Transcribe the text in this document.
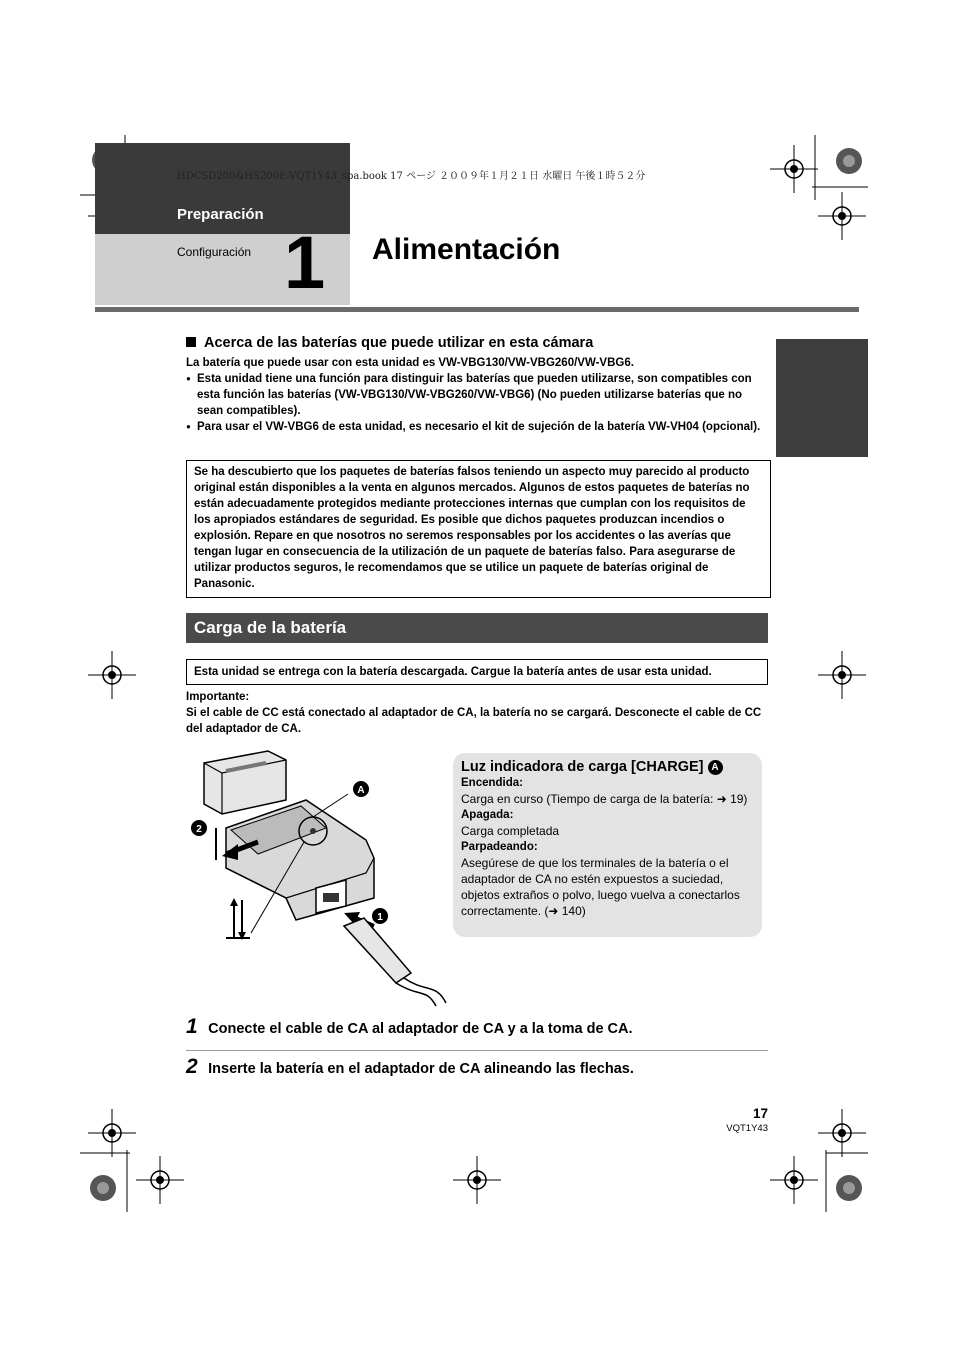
HDCSD200&HS200E-VQT1Y43_spa.book 17 ページ ２００９年１月２１日 水曜日 午後１時５２分
Preparación
Configuración 1 Alimentación
Acerca de las baterías que puede utilizar en esta cámara
La batería que puede usar con esta unidad es VW-VBG130/VW-VBG260/VW-VBG6.
● Esta unidad tiene una función para distinguir las baterías que pueden utilizarse, son compatibles con esta función las baterías (VW-VBG130/VW-VBG260/VW-VBG6) (No pueden utilizarse baterías que no sean compatibles).
● Para usar el VW-VBG6 de esta unidad, es necesario el kit de sujeción de la batería VW-VH04 (opcional).
Se ha descubierto que los paquetes de baterías falsos teniendo un aspecto muy parecido al producto original están disponibles a la venta en algunos mercados. Algunos de estos paquetes de baterías no están adecuadamente protegidos mediante protecciones internas que cumplan con los requisitos de los apropiados estándares de seguridad. Es posible que dichos paquetes produzcan incendios o explosión. Repare en que nosotros no seremos responsables por los accidentes o las averías que tengan lugar en consecuencia de la utilización de un paquete de baterías falso. Para asegurarse de utilizar productos seguros, le recomendamos que se utilice un paquete de baterías original de Panasonic.
Carga de la batería
Esta unidad se entrega con la batería descargada. Cargue la batería antes de usar esta unidad.
Importante:
Si el cable de CC está conectado al adaptador de CA, la batería no se cargará. Desconecte el cable de CC del adaptador de CA.
A
2
1
Luz indicadora de carga [CHARGE] A
Encendida:
Carga en curso (Tiempo de carga de la batería: ➜ 19)
Apagada:
Carga completada
Parpadeando:
Asegúrese de que los terminales de la batería o el adaptador de CA no estén expuestos a suciedad, objetos extraños o polvo, luego vuelva a conectarlos correctamente. (➜ 140)
1 Conecte el cable de CA al adaptador de CA y a la toma de CA.
2 Inserte la batería en el adaptador de CA alineando las flechas.
17
VQT1Y43
